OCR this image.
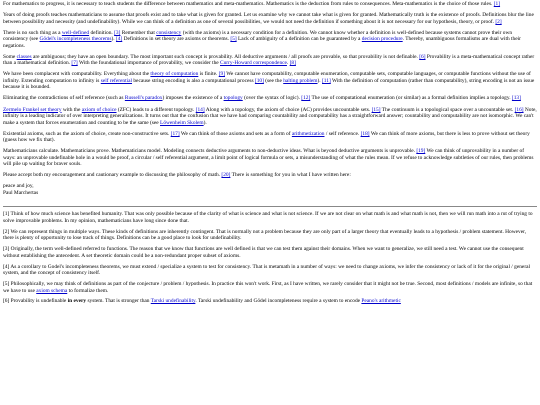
For mathematics to progress, it is necessary to teach students the difference between mathematics and meta-mathematics. Mathematics is the deduction from rules to consequences. Meta-mathematics is the choice of those rules. [1]

Years of doing proofs teaches mathematicians to assume that proofs exist and to take what is given for granted. Let us examine why we cannot take what is given for granted. Mathematically truth is the existence of proofs. Definitions blur the line between possibility and necessity (and undefinability). While we can think of a definition as one of several possibilities, we would not need the definition if something about it is not necessary for our hypothesis, theory, or proof. [2]

There is no such thing as a well-defined definition. [3] Remember that consistency (with the axioms) is a necessary condition for a definition. We cannot know whether a definition is well-defined because systems cannot prove their own consistency (see Gödel's incompleteness theorems). [4] Definitions in set theory are axioms or theorems. [5] Lack of ambiguity of a definition can be guaranteed by a decision procedure. Thereby, unambiguous formalisms are dual with their negations.

Some classes are ambiguous; they have an open boundary. The most important such concept is provability. All deductive arguments / all proofs are provable, so that provability is not definable. [6] Provability is a meta-mathematical concept rather than a mathematical definition. [7] With the foundational importance of provability, we consider the Curry-Howard correspondence. [8]

We have been complacent with computability. Everything about the theory of computation is finite. [9] We cannot have computability, computable enumeration, computable sets, computable languages, or computable functions without the use of infinity. Extending computation to infinity is self referential because string encoding is also a computational process [10] (see the halting problem). [11] With the definition of computation (rather than computability), string encoding is not an issue because it is bounded.

Eliminating the contradictions of self reference (such as Russell's paradox) imposes the existence of a topology (over the syntax of logic). [12] The use of computational enumeration (or similar) as a formal definition implies a topology. [13]

Zermelo Frankel set theory with the axiom of choice (ZFC) leads to a different topology. [14] Along with a topology, the axiom of choice (AC) provides uncountable sets. [15] The continuum is a topological space over a uncountable set. [16] Note, infinity is a leading indicator of over interpreting generalizations. It turns out that the confusion that we have had comparing countability and computability has a straightforward answer; countability and computability are not isomorphic. We can't make a system that forces enumeration and counting to be the same (see Löwenheim Skolem).

Existential axioms, such as the axiom of choice, create non-constructive sets. [17] We can think of those axioms and sets as a form of arithmetization / self reference. [18] We can think of more axioms, but there is less to prove without set theory (guess how we fix that).

Mathematicians calculate. Mathematicians prove. Mathematicians model. Modeling connects deductive arguments to non-deductive ideas. What is beyond deductive arguments is unprovable. [19] We can think of unprovability in a number of ways: an unprovable undefinable hole in a would be proof, a circular / self referential argument, a limit point of logical formula or sets, a misunderstanding of what the rules mean. If we refuse to acknowledge subtleties of our rules, then problems will pile up waiting for braver souls.

Please accept both my encouragement and cautionary example to discussing the philosophy of math. [20] There is something for you in what I have written here:

peace and joy,
Paul Marchertas

[1] Think of how much science has benefited humanity. That was only possible because of the clarity of what is science and what is not science. If we are not clear on what math is and what math is not, then we will run math into a rut of trying to solve improvable problems. In my opinion, mathematicians have long since done that.

[2] We can represent things in multiple ways. These kinds of definitions are inherently contingent. That is normally not a problem because they are only part of a larger theory that eventually leads to a hypothesis / problem statement. However, there is plenty of opportunity to lose track of things. Definitions can be a good place to look for undefinability.

[3] Originally, the term well-defined referred to functions. The reason that we know that functions are well defined is that we can test them against their domains. When we want to generalize, we still need a test. We cannot use the consequent without establishing the antecedent. A set theoretic domain could be a non-redundant proper subset of axioms.

[4] As a corollary to Godel's incompleteness theorems, we must extend / specialize a system to test for consistency. That is metamath in a number of ways: we need to change axioms, we infer the consistency or lack of it for the original / general system, and the concept of consistency itself.

[5] Philosophically, we may think of definitions as part of the conjecture / problem / hypothesis. In practice this won't work. First, as I have written, we rarely consider that it might not be true. Second, most definitions / models are infinite, so that we have to use axiom schema to formalize them.

[6] Provability is undefinable in every system. That is stronger than Tarski undefinability. Tarski undefinability and Gödel incompleteness require a system to encode Peano's arithmetic
